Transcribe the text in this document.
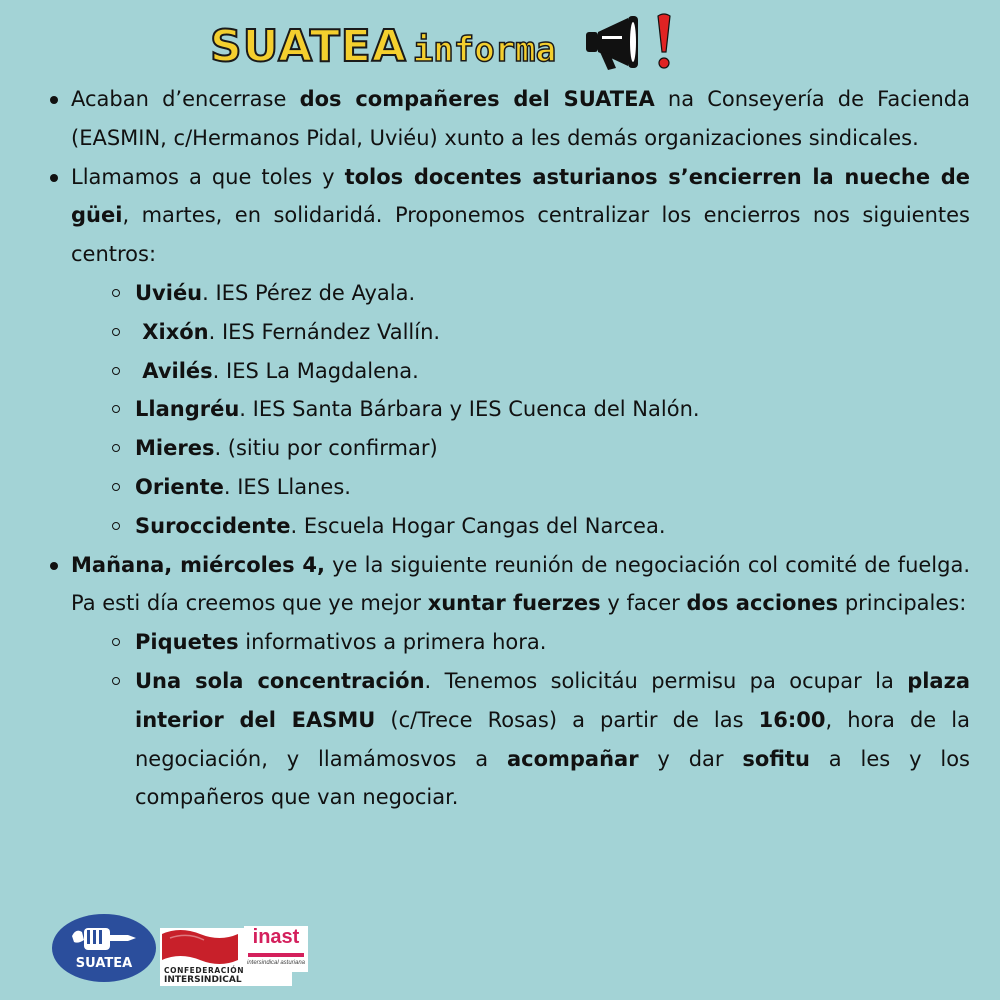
SUATEA informa
Acaban d’encerrase dos compañeres del SUATEA na Conseyería de Facienda (EASMIN, c/Hermanos Pidal, Uviéu) xunto a les demás organizaciones sindicales.
Llamamos a que toles y tolos docentes asturianos s’encierren la nueche de güei, martes, en solidaridá. Proponemos centralizar los encierros nos siguientes centros:
Uviéu. IES Pérez de Ayala.
Xixón. IES Fernández Vallín.
Avilés. IES La Magdalena.
Llangréu. IES Santa Bárbara y IES Cuenca del Nalón.
Mieres. (sitiu por confirmar)
Oriente. IES Llanes.
Suroccidente. Escuela Hogar Cangas del Narcea.
Mañana, miércoles 4, ye la siguiente reunión de negociación col comité de fuelga. Pa esti día creemos que ye mejor xuntar fuerzes y facer dos acciones principales:
Piquetes informativos a primera hora.
Una sola concentración. Tenemos solicitáu permisu pa ocupar la plaza interior del EASMU (c/Trece Rosas) a partir de las 16:00, hora de la negociación, y llamámosvos a acompañar y dar sofitu a les y los compañeros que van negociar.
SUATEA	CONFEDERACIÓN
INTERSINDICAL
inast
intersindical asturiana
